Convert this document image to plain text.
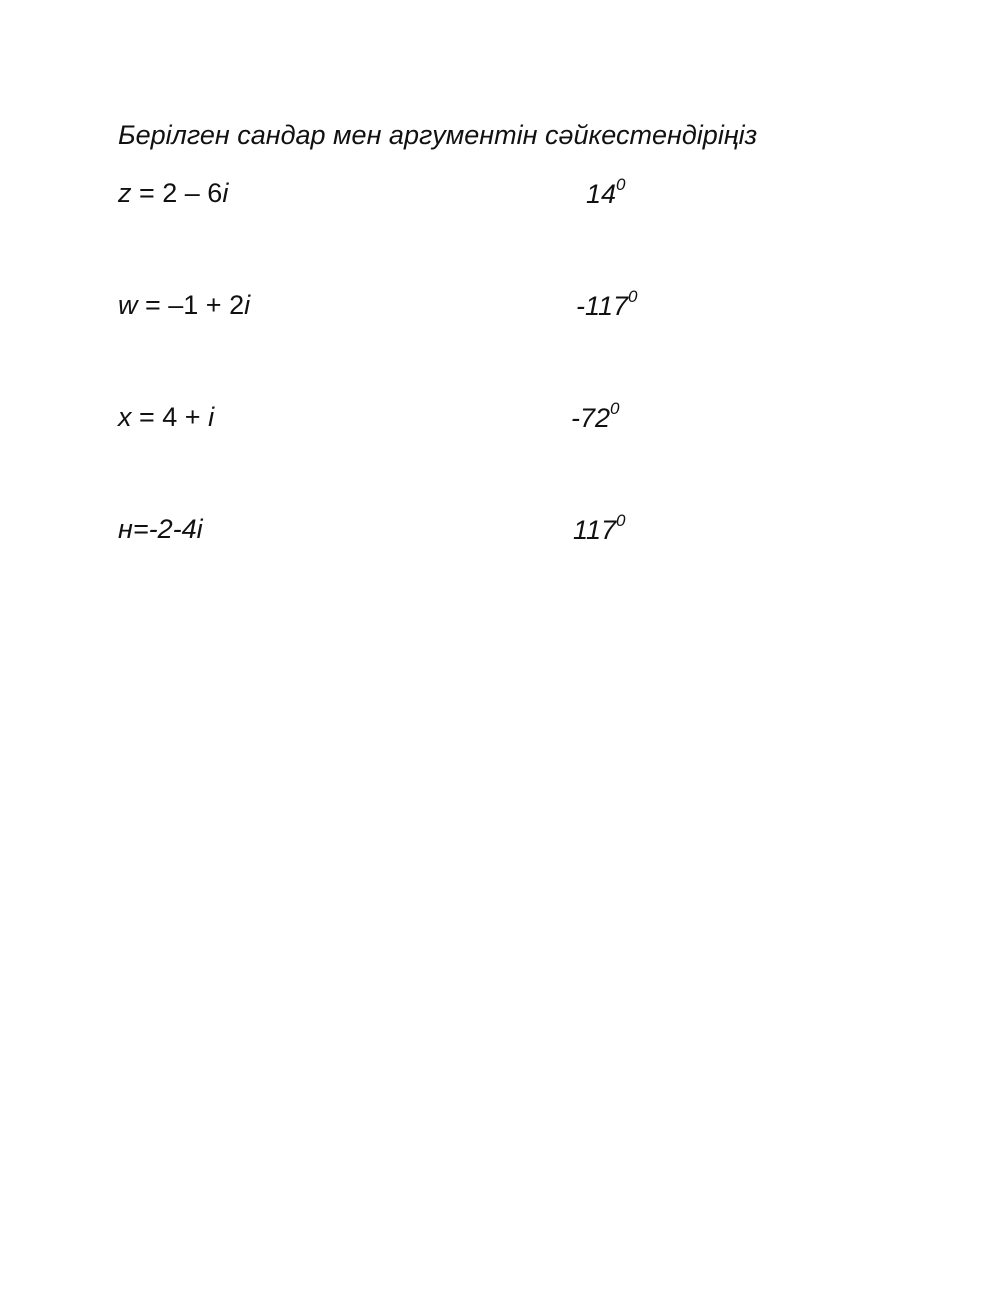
Берілген сандар мен аргументін сәйкестендіріңіз
z = 2 – 6i	$14^0$
w = –1 + 2i	$-117^0$
x = 4 + i	$-72^0$
н=-2-4i	$117^0$
